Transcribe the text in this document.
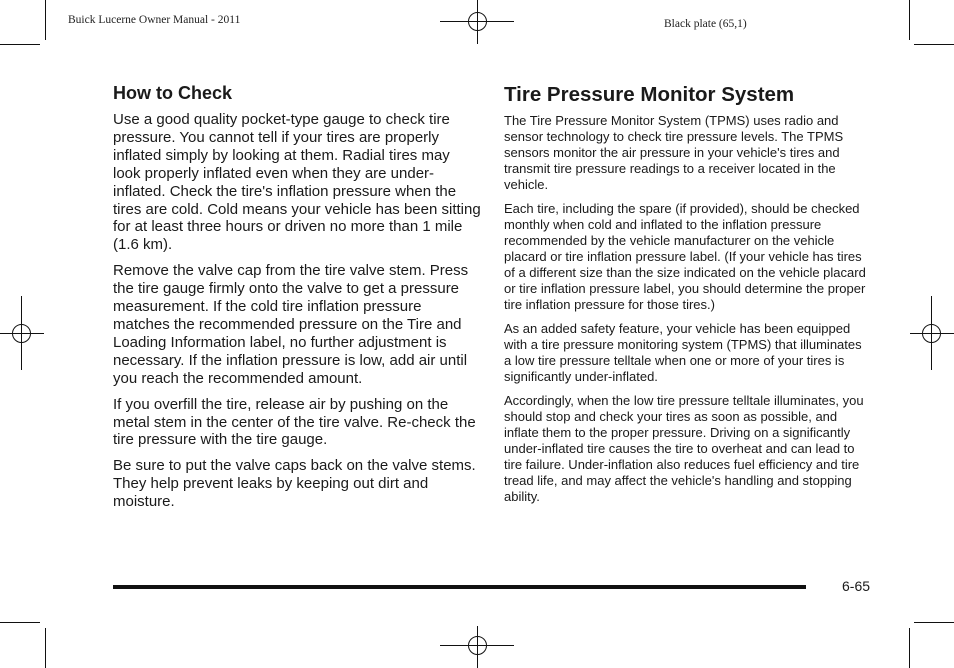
Buick Lucerne Owner Manual - 2011	Black plate (65,1)
How to Check

Use a good quality pocket-type gauge to check tire pressure. You cannot tell if your tires are properly inflated simply by looking at them. Radial tires may look properly inflated even when they are under-inflated. Check the tire's inflation pressure when the tires are cold. Cold means your vehicle has been sitting for at least three hours or driven no more than 1 mile (1.6 km).

Remove the valve cap from the tire valve stem. Press the tire gauge firmly onto the valve to get a pressure measurement. If the cold tire inflation pressure matches the recommended pressure on the Tire and Loading Information label, no further adjustment is necessary. If the inflation pressure is low, add air until you reach the recommended amount.

If you overfill the tire, release air by pushing on the metal stem in the center of the tire valve. Re-check the tire pressure with the tire gauge.

Be sure to put the valve caps back on the valve stems. They help prevent leaks by keeping out dirt and moisture.

Tire Pressure Monitor System

The Tire Pressure Monitor System (TPMS) uses radio and sensor technology to check tire pressure levels. The TPMS sensors monitor the air pressure in your vehicle's tires and transmit tire pressure readings to a receiver located in the vehicle.

Each tire, including the spare (if provided), should be checked monthly when cold and inflated to the inflation pressure recommended by the vehicle manufacturer on the vehicle placard or tire inflation pressure label. (If your vehicle has tires of a different size than the size indicated on the vehicle placard or tire inflation pressure label, you should determine the proper tire inflation pressure for those tires.)

As an added safety feature, your vehicle has been equipped with a tire pressure monitoring system (TPMS) that illuminates a low tire pressure telltale when one or more of your tires is significantly under-inflated.

Accordingly, when the low tire pressure telltale illuminates, you should stop and check your tires as soon as possible, and inflate them to the proper pressure. Driving on a significantly under-inflated tire causes the tire to overheat and can lead to tire failure. Under-inflation also reduces fuel efficiency and tire tread life, and may affect the vehicle's handling and stopping ability.

6-65
